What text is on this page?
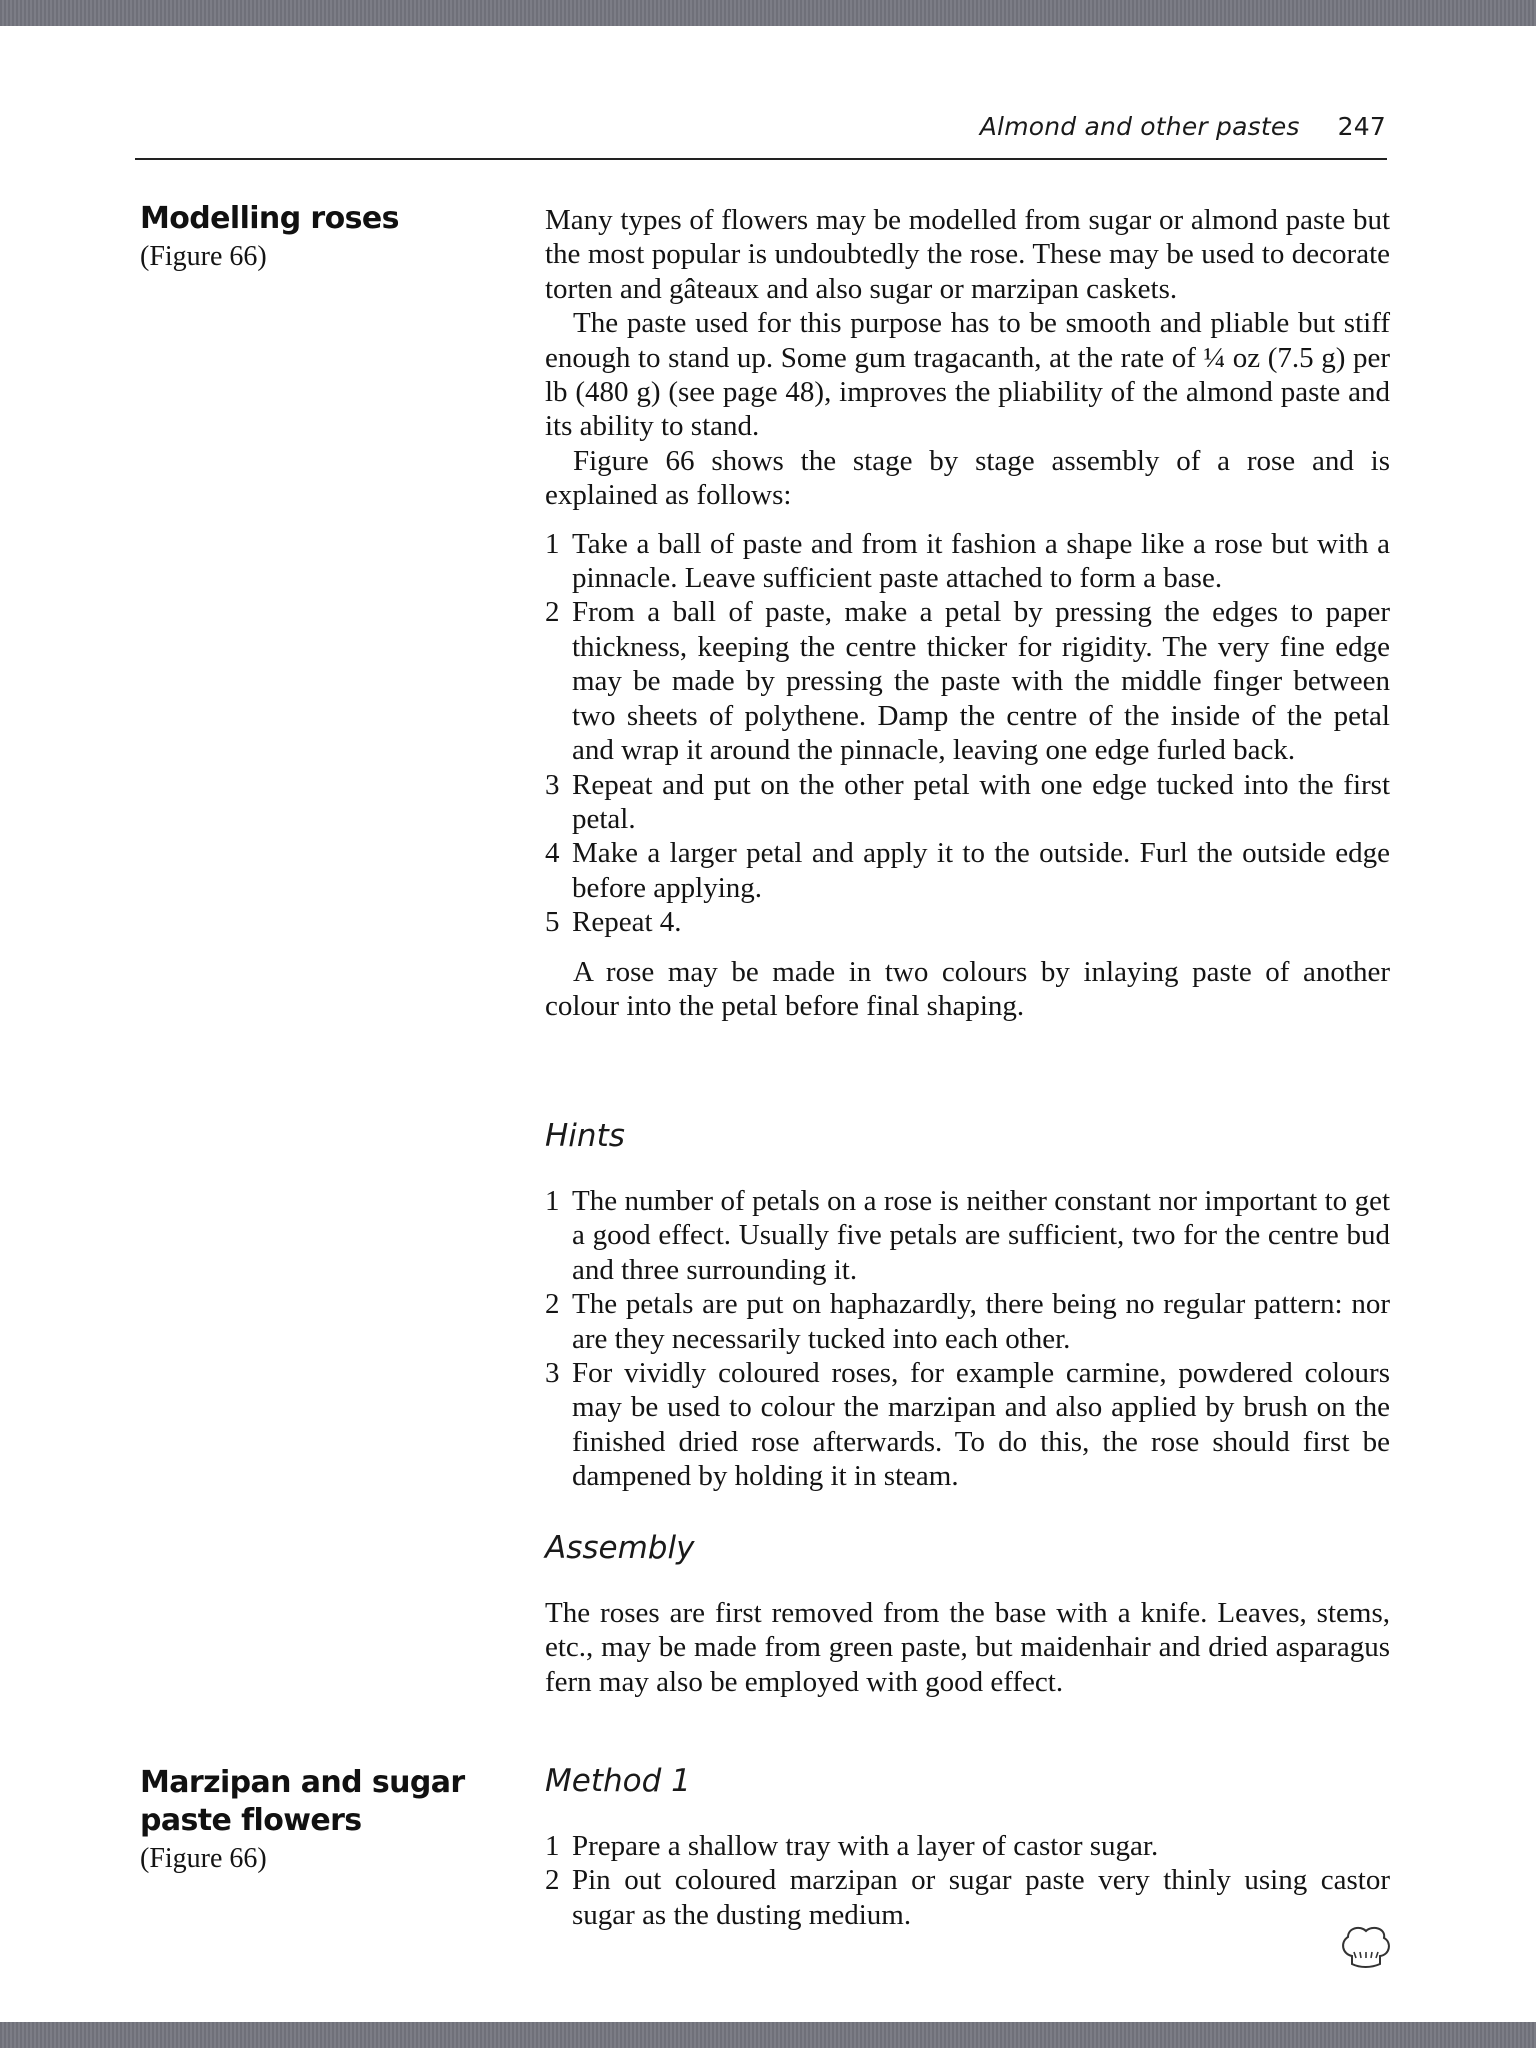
Almond and other pastes 247
Modelling roses
(Figure 66)

Many types of flowers may be modelled from sugar or almond paste but the most popular is undoubtedly the rose. These may be used to decorate torten and gâteaux and also sugar or marzipan caskets.

The paste used for this purpose has to be smooth and pliable but stiff enough to stand up. Some gum tragacanth, at the rate of ¼ oz (7.5 g) per lb (480 g) (see page 48), improves the pliability of the almond paste and its ability to stand.

Figure 66 shows the stage by stage assembly of a rose and is explained as follows:

1 Take a ball of paste and from it fashion a shape like a rose but with a pinnacle. Leave sufficient paste attached to form a base.
2 From a ball of paste, make a petal by pressing the edges to paper thickness, keeping the centre thicker for rigidity. The very fine edge may be made by pressing the paste with the middle finger between two sheets of polythene. Damp the centre of the inside of the petal and wrap it around the pinnacle, leaving one edge furled back.
3 Repeat and put on the other petal with one edge tucked into the first petal.
4 Make a larger petal and apply it to the outside. Furl the outside edge before applying.
5 Repeat 4.

A rose may be made in two colours by inlaying paste of another colour into the petal before final shaping.

Hints
1 The number of petals on a rose is neither constant nor important to get a good effect. Usually five petals are sufficient, two for the centre bud and three surrounding it.
2 The petals are put on haphazardly, there being no regular pattern: nor are they necessarily tucked into each other.
3 For vividly coloured roses, for example carmine, powdered colours may be used to colour the marzipan and also applied by brush on the finished dried rose afterwards. To do this, the rose should first be dampened by holding it in steam.
Assembly

The roses are first removed from the base with a knife. Leaves, stems, etc., may be made from green paste, but maidenhair and dried asparagus fern may also be employed with good effect.

Marzipan and sugar
paste flowers
(Figure 66)
Method 1
1 Prepare a shallow tray with a layer of castor sugar.
2 Pin out coloured marzipan or sugar paste very thinly using castor sugar as the dusting medium.
